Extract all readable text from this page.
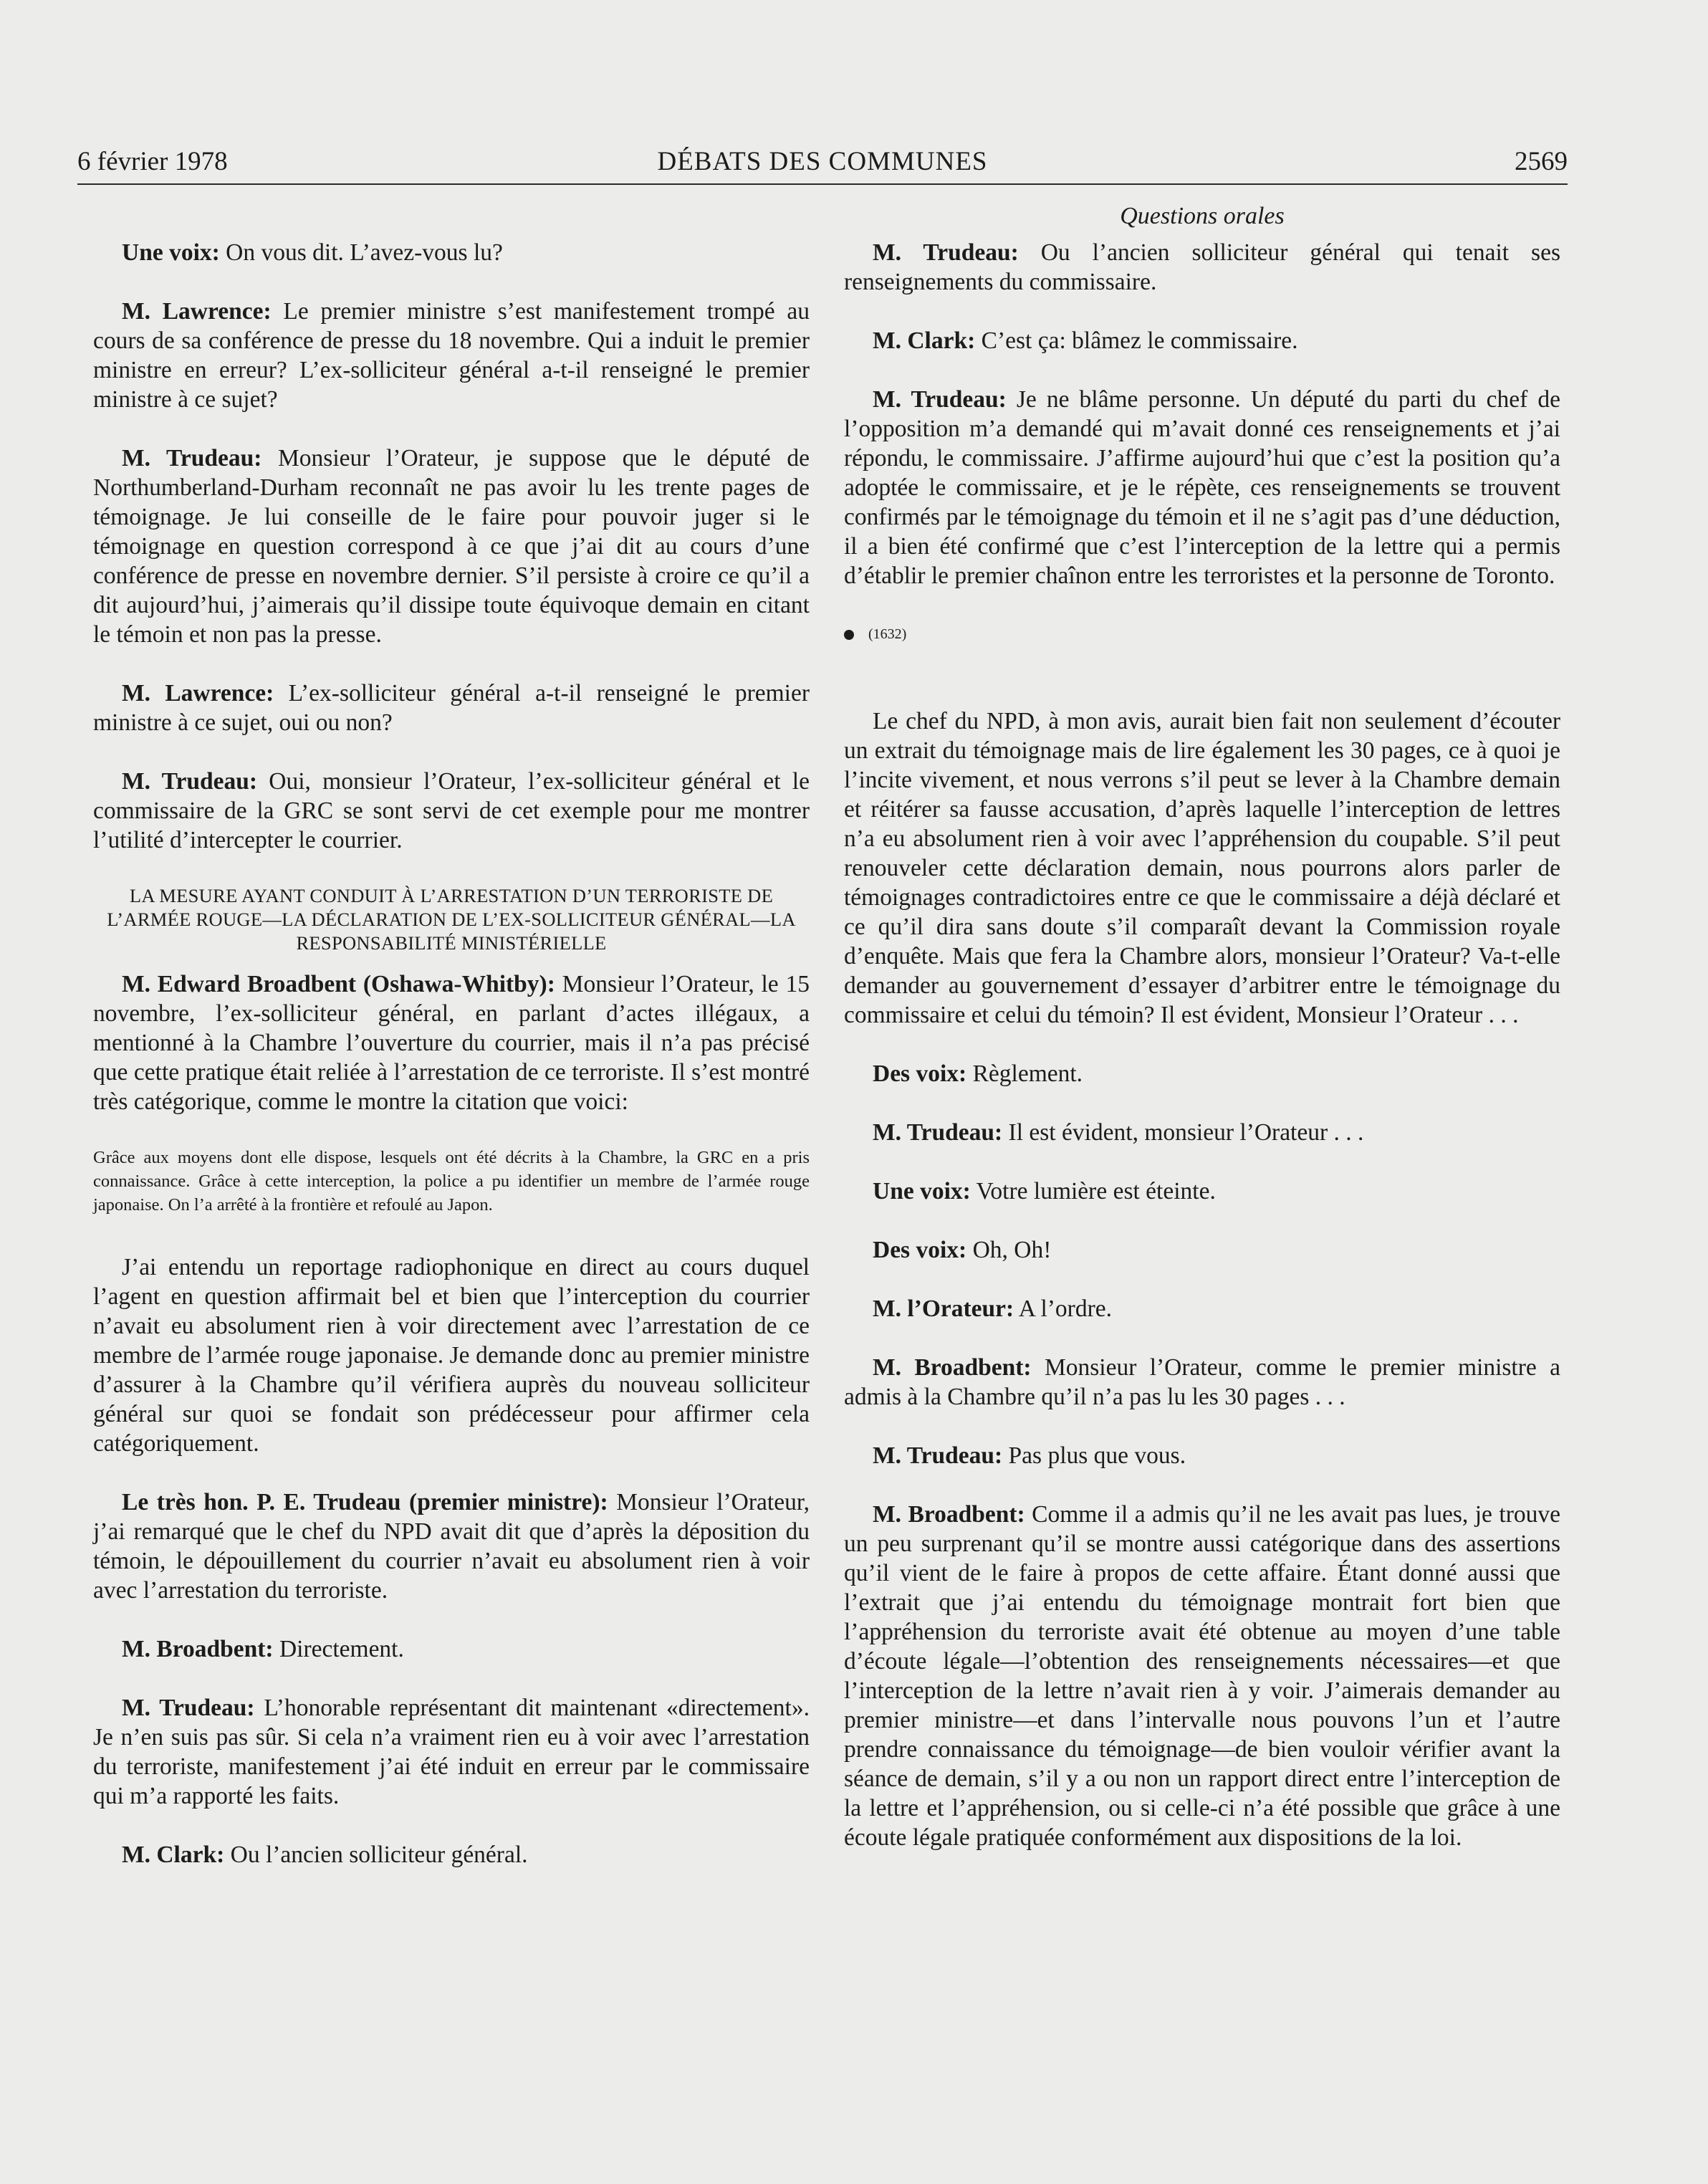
6 février 1978	DÉBATS DES COMMUNES	2569

Une voix: On vous dit. L’avez-vous lu?

M. Lawrence: Le premier ministre s’est manifestement trompé au cours de sa conférence de presse du 18 novembre. Qui a induit le premier ministre en erreur? L’ex-solliciteur général a-t-il renseigné le premier ministre à ce sujet?

M. Trudeau: Monsieur l’Orateur, je suppose que le député de Northumberland-Durham reconnaît ne pas avoir lu les trente pages de témoignage. Je lui conseille de le faire pour pouvoir juger si le témoignage en question correspond à ce que j’ai dit au cours d’une conférence de presse en novembre dernier. S’il persiste à croire ce qu’il a dit aujourd’hui, j’aimerais qu’il dissipe toute équivoque demain en citant le témoin et non pas la presse.

M. Lawrence: L’ex-solliciteur général a-t-il renseigné le premier ministre à ce sujet, oui ou non?

M. Trudeau: Oui, monsieur l’Orateur, l’ex-solliciteur général et le commissaire de la GRC se sont servi de cet exemple pour me montrer l’utilité d’intercepter le courrier.

LA MESURE AYANT CONDUIT À L’ARRESTATION D’UN TERRORISTE DE L’ARMÉE ROUGE—LA DÉCLARATION DE L’EX-SOLLICITEUR GÉNÉRAL—LA RESPONSABILITÉ MINISTÉRIELLE

M. Edward Broadbent (Oshawa-Whitby): Monsieur l’Orateur, le 15 novembre, l’ex-solliciteur général, en parlant d’actes illégaux, a mentionné à la Chambre l’ouverture du courrier, mais il n’a pas précisé que cette pratique était reliée à l’arrestation de ce terroriste. Il s’est montré très catégorique, comme le montre la citation que voici:

Grâce aux moyens dont elle dispose, lesquels ont été décrits à la Chambre, la GRC en a pris connaissance. Grâce à cette interception, la police a pu identifier un membre de l’armée rouge japonaise. On l’a arrêté à la frontière et refoulé au Japon.

J’ai entendu un reportage radiophonique en direct au cours duquel l’agent en question affirmait bel et bien que l’interception du courrier n’avait eu absolument rien à voir directement avec l’arrestation de ce membre de l’armée rouge japonaise. Je demande donc au premier ministre d’assurer à la Chambre qu’il vérifiera auprès du nouveau solliciteur général sur quoi se fondait son prédécesseur pour affirmer cela catégoriquement.

Le très hon. P. E. Trudeau (premier ministre): Monsieur l’Orateur, j’ai remarqué que le chef du NPD avait dit que d’après la déposition du témoin, le dépouillement du courrier n’avait eu absolument rien à voir avec l’arrestation du terroriste.

M. Broadbent: Directement.

M. Trudeau: L’honorable représentant dit maintenant «directement». Je n’en suis pas sûr. Si cela n’a vraiment rien eu à voir avec l’arrestation du terroriste, manifestement j’ai été induit en erreur par le commissaire qui m’a rapporté les faits.

M. Clark: Ou l’ancien solliciteur général.

Questions orales

M. Trudeau: Ou l’ancien solliciteur général qui tenait ses renseignements du commissaire.

M. Clark: C’est ça: blâmez le commissaire.

M. Trudeau: Je ne blâme personne. Un député du parti du chef de l’opposition m’a demandé qui m’avait donné ces renseignements et j’ai répondu, le commissaire. J’affirme aujourd’hui que c’est la position qu’a adoptée le commissaire, et je le répète, ces renseignements se trouvent confirmés par le témoignage du témoin et il ne s’agit pas d’une déduction, il a bien été confirmé que c’est l’interception de la lettre qui a permis d’établir le premier chaînon entre les terroristes et la personne de Toronto.

(1632)

Le chef du NPD, à mon avis, aurait bien fait non seulement d’écouter un extrait du témoignage mais de lire également les 30 pages, ce à quoi je l’incite vivement, et nous verrons s’il peut se lever à la Chambre demain et réitérer sa fausse accusation, d’après laquelle l’interception de lettres n’a eu absolument rien à voir avec l’appréhension du coupable. S’il peut renouveler cette déclaration demain, nous pourrons alors parler de témoignages contradictoires entre ce que le commissaire a déjà déclaré et ce qu’il dira sans doute s’il comparaît devant la Commission royale d’enquête. Mais que fera la Chambre alors, monsieur l’Orateur? Va-t-elle demander au gouvernement d’essayer d’arbitrer entre le témoignage du commissaire et celui du témoin? Il est évident, Monsieur l’Orateur . . .

Des voix: Règlement.

M. Trudeau: Il est évident, monsieur l’Orateur . . .

Une voix: Votre lumière est éteinte.

Des voix: Oh, Oh!

M. l’Orateur: A l’ordre.

M. Broadbent: Monsieur l’Orateur, comme le premier ministre a admis à la Chambre qu’il n’a pas lu les 30 pages . . .

M. Trudeau: Pas plus que vous.

M. Broadbent: Comme il a admis qu’il ne les avait pas lues, je trouve un peu surprenant qu’il se montre aussi catégorique dans des assertions qu’il vient de le faire à propos de cette affaire. Étant donné aussi que l’extrait que j’ai entendu du témoignage montrait fort bien que l’appréhension du terroriste avait été obtenue au moyen d’une table d’écoute légale—l’obtention des renseignements nécessaires—et que l’interception de la lettre n’avait rien à y voir. J’aimerais demander au premier ministre—et dans l’intervalle nous pouvons l’un et l’autre prendre connaissance du témoignage—de bien vouloir vérifier avant la séance de demain, s’il y a ou non un rapport direct entre l’interception de la lettre et l’appréhension, ou si celle-ci n’a été possible que grâce à une écoute légale pratiquée conformément aux dispositions de la loi.
